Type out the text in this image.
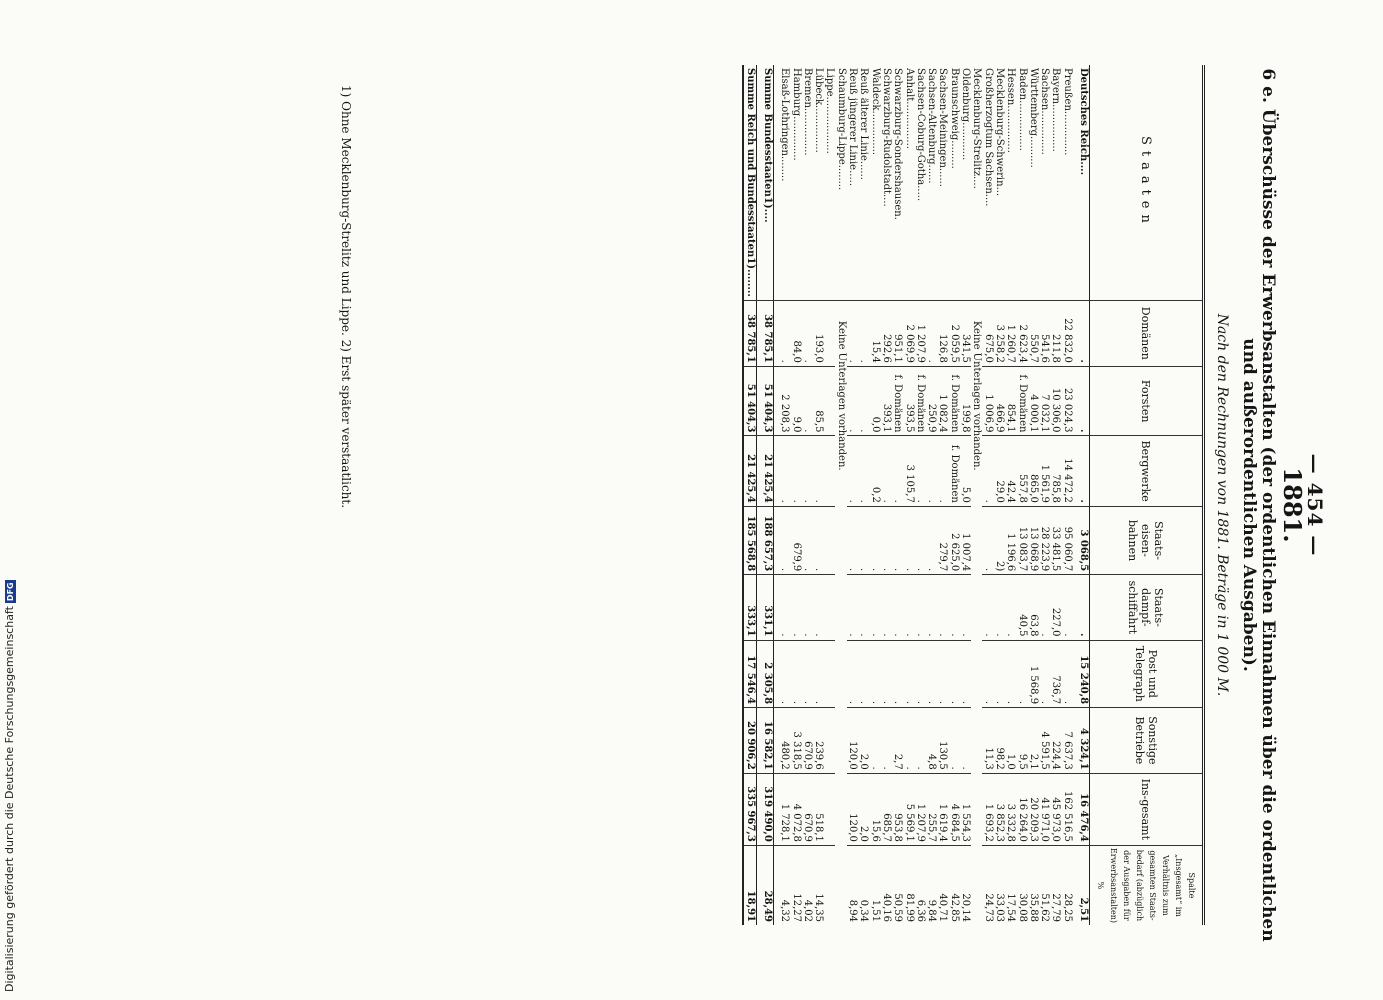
— 454 —
1881.
6 e. Überschüsse der Erwerbsanstalten (der ordentlichen Einnahmen über die ordentlichen und außerordentlichen Ausgaben).
Nach den Rechnungen von 1881. Beträge in 1 000 M.
Staaten	Domänen	Forsten	Bergwerke	Staats-eisen-bahnen	Staats-dampf-schiffahrt	Post und Telegraph	Sonstige Betriebe	Ins-gesamt	Spalte „Insgesamt“ im Verhältnis zum gesamten Staats-bedarf (abzüglich der Ausgaben für Erwerbsanstalten) %
Deutsches Reich....	.	.	.	3 068,5	.	15 240,8	4 324,1	16 476,4	2,51

Preußen..............	22 832,0	23 024,3	14 472,2	95 060,7	.	.	7 637,3	162 516,5	28,25
Bayern...............	211,8	10 306,0	785,8	33 481,5	227,0	736,7	224,4	45 973,0	27,79
Sachsen..............	541,6	7 032,1	1 561,9	28 223,9	.	.	4 591,5	41 971,0	51,62
Württemberg..........	550,7	4 000,1	865,0	13 068,9	63,8	1 568,9	2,1	20 209,3	35,88
Baden................	2 623,4	f. Domänen	557,8	13 083,7	40,5	.	9,5	16 264,0	30,08
Hessen...............	1 260,7	854,1	42,4	1 196,6	.	.	1,0	3 332,8	17,54
Mecklenburg-Schwerin...	3 258,2	466,9	29,0	2)	.	.	98,2	3 852,3	33,03
Großherzogtum Sachsen....	675,0	1 006,9	.	.	.	.	11,3	1 693,2	24,73
Mecklenburg-Strelitz....	Keine Unterlagen vorhanden.								
Oldenburg............	341,5	199,8	5,0	1 007,4	.	.	.	1 554,3	20,14
Braunschweig.........	2 059,5	f. Domänen	f. Domänen	2 625,0	.	.	.	4 684,5	42,85
Sachsen-Meiningen......	126,8	1 082,4	.	279,7	.	.	130,5	1 619,4	40,71
Sachsen-Altenburg......	.	250,9	.	.	.	.	4,8	255,7	9,84
Sachsen-Coburg-Gotha.....	1 207,9	f. Domänen	.	.	.	.	.	1 207,9	6,36
Anhalt...............	2 069,9	393,5	3 105,7	.	.	.	.	5 569,1	81,99
Schwarzburg-Sondershausen.	951,1	f. Domänen	.	.	.	.	2,7	953,8	50,59
Schwarzburg-Rudolstadt....	292,6	393,1	.	.	.	.	.	685,7	40,16
Waldeck..............	15,4	0,0	0,2	.	.	.	.	15,6	1,51
Reuß älterer Linie......	.	.	.	.	.	.	2,0	2,0	0,34
Reuß jüngerer Linie.....	.	.	.	.	.	.	120,0	120,0	8,94
Schaumburg-Lippe........	Keine Unterlagen vorhanden.								
Lippe..................									
Lübeck...............	193,0	85,5	.	.	.	.	239,6	518,1	14,35
Bremen...............	.	.	.	.	.	.	670,9	670,9	4,02
Hamburg..............	84,0	9,0	.	679,9	.	.	3 318,5	4 072,8	12,27
Elsaß-Lothringen........	.	2 208,3	.	.	.	.	480,2	1 728,1	4,32

Summe Bundesstaaten1)....	38 785,1	51 404,3	21 425,4	188 657,3	331,1	2 305,8	16 582,1	319 490,0	28,49

Summe Reich und Bundesstaaten1)........	38 785,1	51 404,3	21 425,4	185 568,8	333,1	17 546,4	20 906,2	335 967,3	18,91
1) Ohne Mecklenburg-Strelitz und Lippe. 2) Erst später verstaatlicht.
Digitalisierung gefördert durch die Deutsche ForschungsgemeinschaftDFG
